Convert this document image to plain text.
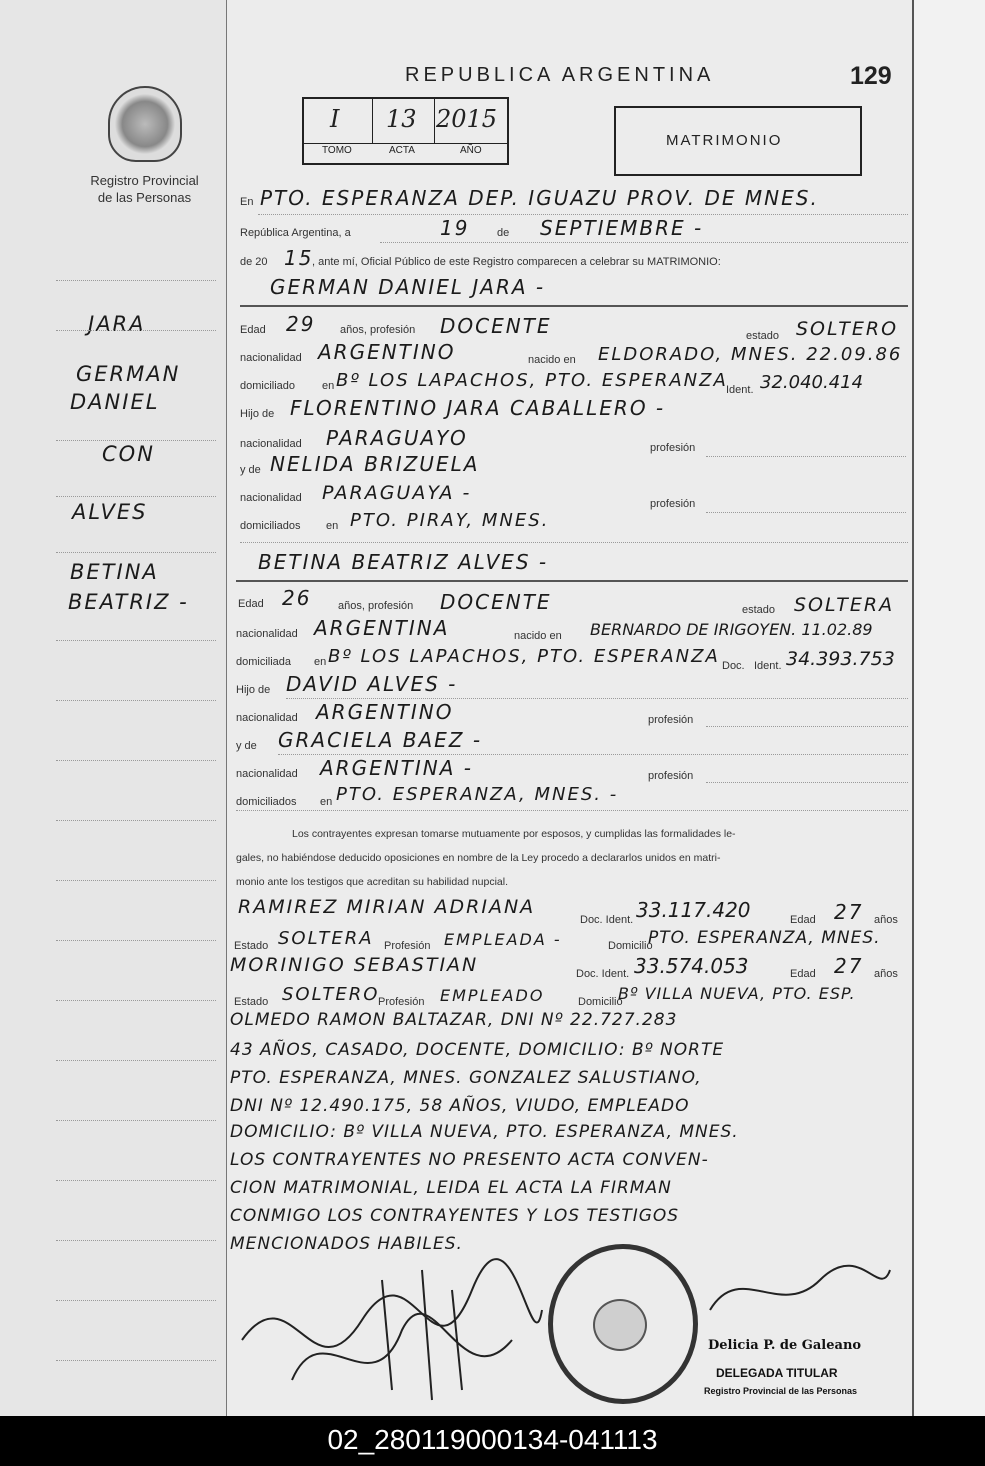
Registro Provincial
de las Personas
JARA
GERMAN
DANIEL
CON
ALVES
BETINA
BEATRIZ -
REPUBLICA ARGENTINA	129
I 13 2015
TOMO	ACTA	AÑO
MATRIMONIO
En PTO. ESPERANZA DEP. IGUAZU PROV. DE MNES.
República Argentina, a	19	de SEPTIEMBRE -
de 20 15
, ante mí, Oficial Público de este Registro comparecen a celebrar su MATRIMONIO:
GERMAN DANIEL JARA -
Edad 29 años, profesión DOCENTE	estado SOLTERO
nacionalidad ARGENTINO	nacido en ELDORADO, MNES. 22.09.86
domiciliado en Bº LOS LAPACHOS, PTO. ESPERANZA
Ident. 32.040.414
Hijo de FLORENTINO JARA CABALLERO -
nacionalidad PARAGUAYO	profesión
y de NELIDA BRIZUELA
nacionalidad PARAGUAYA -	profesión
domiciliados en PTO. PIRAY, MNES.
BETINA BEATRIZ ALVES -
Edad 26 años, profesión DOCENTE	estado SOLTERA
nacionalidad ARGENTINA	nacido en BERNARDO DE IRIGOYEN. 11.02.89
domiciliada en Bº LOS LAPACHOS, PTO. ESPERANZA Doc. Ident. 34.393.753
Hijo de DAVID ALVES -
nacionalidad ARGENTINO	profesión
y de GRACIELA BAEZ -
nacionalidad ARGENTINA -	profesión
domiciliados en PTO. ESPERANZA, MNES. -
Los contrayentes expresan tomarse mutuamente por esposos, y cumplidas las formalidades le-
gales, no habiéndose deducido oposiciones en nombre de la Ley procedo a declararlos unidos en matri-
monio ante los testigos que acreditan su habilidad nupcial.
RAMIREZ MIRIAN ADRIANA
Doc. Ident. 33.117.420	Edad 27 años
Estado SOLTERA Profesión EMPLEADA -	Domicilio
PTO. ESPERANZA, MNES.
MORINIGO SEBASTIAN	Doc. Ident. 33.574.053	Edad 27 años
Estado SOLTERO
Profesión EMPLEADO	Domicilio
Bº VILLA NUEVA, PTO. ESP.
OLMEDO RAMON BALTAZAR, DNI Nº 22.727.283
43 AÑOS, CASADO, DOCENTE, DOMICILIO: Bº NORTE
PTO. ESPERANZA, MNES. GONZALEZ SALUSTIANO,
DNI Nº 12.490.175, 58 AÑOS, VIUDO, EMPLEADO
DOMICILIO: Bº VILLA NUEVA, PTO. ESPERANZA, MNES.
LOS CONTRAYENTES NO PRESENTO ACTA CONVEN-
CION MATRIMONIAL, LEIDA EL ACTA LA FIRMAN
CONMIGO LOS CONTRAYENTES Y LOS TESTIGOS
MENCIONADOS HABILES.
Delicia P. de Galeano
DELEGADA TITULAR
Registro Provincial de las Personas
02_280119000134-041113
